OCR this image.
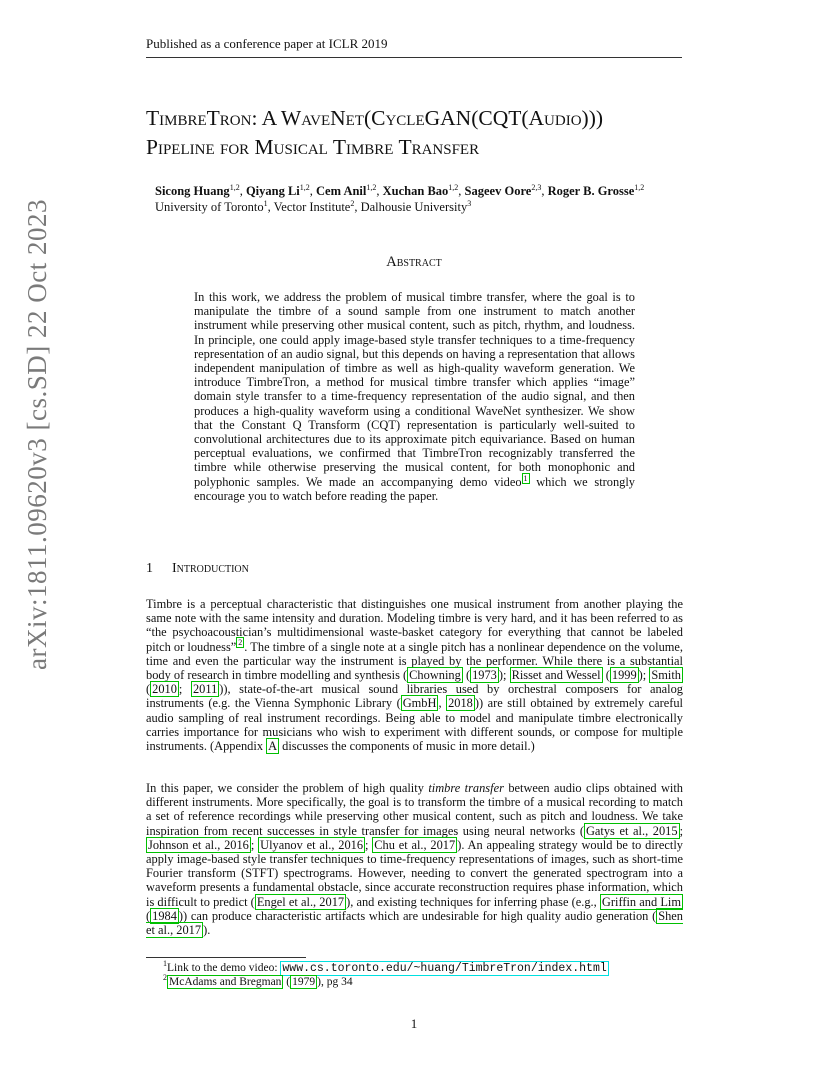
Published as a conference paper at ICLR 2019
arXiv:1811.09620v3 [cs.SD] 22 Oct 2023
TimbreTron: A WaveNet(CycleGAN(CQT(Audio)))
Pipeline for Musical Timbre Transfer
Sicong Huang$^{1,2}$, Qiyang Li$^{1,2}$, Cem Anil$^{1,2}$, Xuchan Bao$^{1,2}$, Sageev Oore$^{2,3}$, Roger B. Grosse$^{1,2}$
University of Toronto$^1$, Vector Institute$^2$, Dalhousie University$^3$
Abstract
In this work, we address the problem of musical timbre transfer, where the goal is to manipulate the timbre of a sound sample from one instrument to match another instrument while preserving other musical content, such as pitch, rhythm, and loudness. In principle, one could apply image-based style transfer techniques to a time-frequency representation of an audio signal, but this depends on having a representation that allows independent manipulation of timbre as well as high-quality waveform generation. We introduce TimbreTron, a method for musical timbre transfer which applies “image” domain style transfer to a time-frequency representation of the audio signal, and then produces a high-quality waveform using a conditional WaveNet synthesizer. We show that the Constant Q Transform (CQT) representation is particularly well-suited to convolutional architectures due to its approximate pitch equivariance. Based on human perceptual evaluations, we confirmed that TimbreTron recognizably transferred the timbre while otherwise preserving the musical content, for both monophonic and polyphonic samples. We made an accompanying demo video $^1$ which we strongly encourage you to watch before reading the paper.
1 Introduction
Timbre is a perceptual characteristic that distinguishes one musical instrument from another playing the same note with the same intensity and duration. Modeling timbre is very hard, and it has been referred to as “the psychoacoustician’s multidimensional waste-basket category for everything that cannot be labeled pitch or loudness” $^2$ . The timbre of a single note at a single pitch has a nonlinear dependence on the volume, time and even the particular way the instrument is played by the performer. While there is a substantial body of research in timbre modelling and synthesis ( Chowning ( 1973 ); Risset and Wessel ( 1999 ); Smith ( 2010 ; 2011 )), state-of-the-art musical sound libraries used by orchestral composers for analog instruments (e.g. the Vienna Symphonic Library ( GmbH , 2018 )) are still obtained by extremely careful audio sampling of real instrument recordings. Being able to model and manipulate timbre electronically carries importance for musicians who wish to experiment with different sounds, or compose for multiple instruments. (Appendix A discusses the components of music in more detail.)
In this paper, we consider the problem of high quality timbre transfer between audio clips obtained with different instruments. More specifically, the goal is to transform the timbre of a musical recording to match a set of reference recordings while preserving other musical content, such as pitch and loudness. We take inspiration from recent successes in style transfer for images using neural networks ( Gatys et al., 2015 ; Johnson et al., 2016 ; Ulyanov et al., 2016 ; Chu et al., 2017 ). An appealing strategy would be to directly apply image-based style transfer techniques to time-frequency representations of images, such as short-time Fourier transform (STFT) spectrograms. However, needing to convert the generated spectrogram into a waveform presents a fundamental obstacle, since accurate reconstruction requires phase information, which is difficult to predict ( Engel et al., 2017 ), and existing techniques for inferring phase (e.g., Griffin and Lim ( 1984 )) can produce characteristic artifacts which are undesirable for high quality audio generation ( Shen et al., 2017 ).
$^1$Link to the demo video: www.cs.toronto.edu/~huang/TimbreTron/index.html
$^2$ McAdams and Bregman ( 1979 ), pg 34
1
